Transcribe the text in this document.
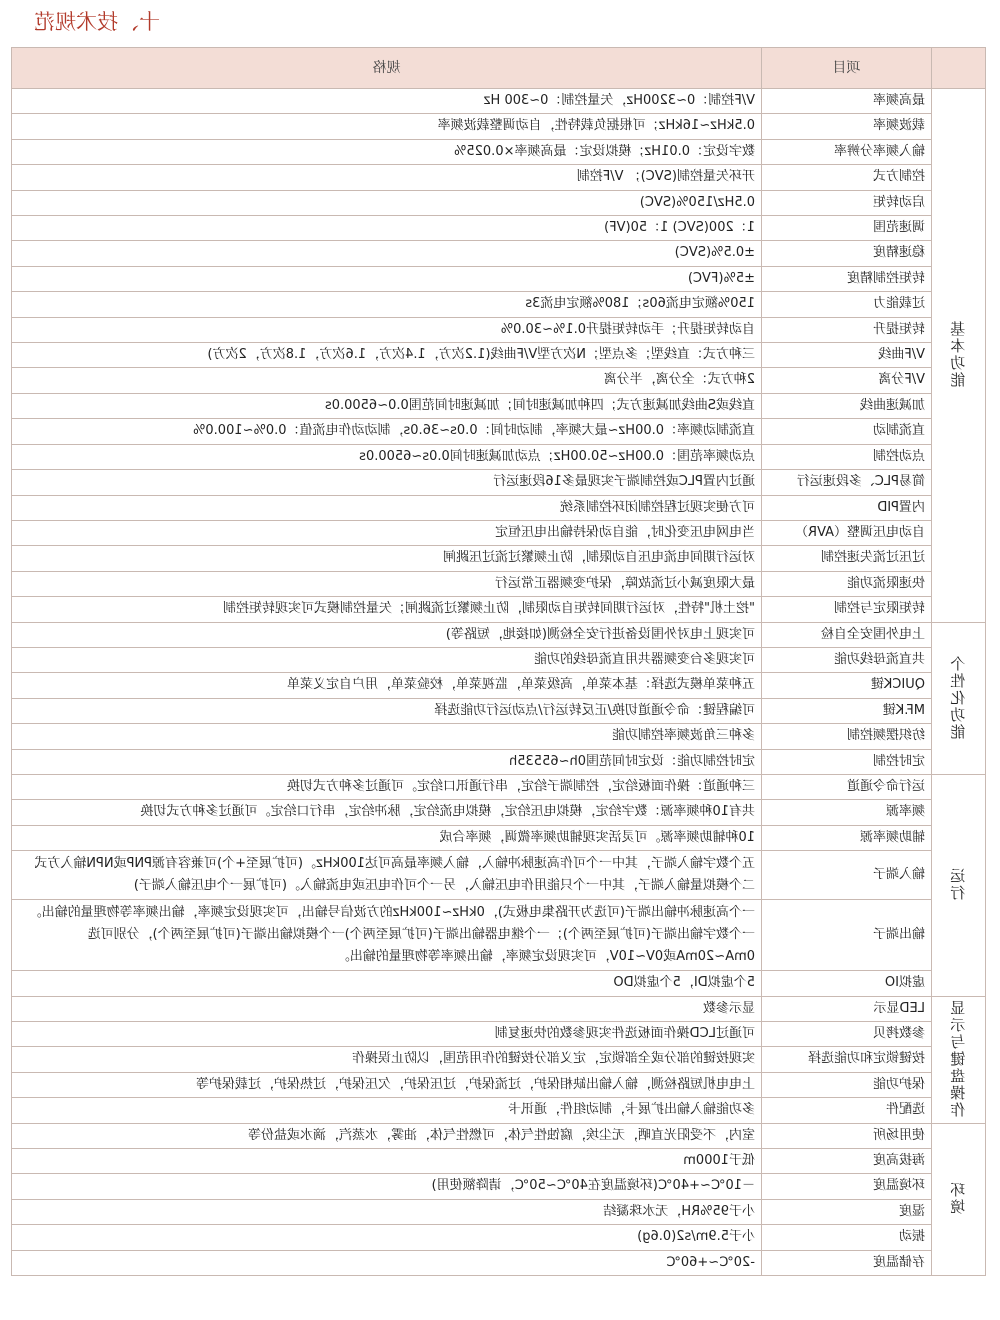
十、技术规范
	项目	规格
基本功能	最高频率	V/F控制：0~3200Hz，矢量控制：0~300 Hz
	载波频率	0.5kHz~16kHz；可根据负载特性，自动调整载波频率
	输入频率分辨率	数字设定：0.01Hz；模拟设定：最高频率×0.025%
	控制方式	开环矢量控制(SVC)； V/F控制
	启动转矩	0.5Hz/150%(SVC)
	调速范围	1：200(SVC) 1：50(VF)
	稳速精度	±0.5%(SVC)
	转矩控制精度	±5%(FVC)
	过载能力	150%额定电流60s；180%额定电流3s
	转矩提升	自动转矩提升；手动转矩提升0.1%~30.0%
	V/F曲线	三种方式：直线型；多点型；N次方型V/F曲线(1.2次方，1.4次方，1.6次方，1.8次方，2次方)
	V/F分离	2种方式：全分离，半分离
	加减速曲线	直线或S曲线加减速方式；四种加减速时间；加减速时间范围0.0~6500.0s
	直流制动	直流制动频率：0.00Hz~最大频率，制动时间：0.0s~36.0s，制动动作电流值：0.0%~100.0%
	点动控制	点动频率范围：0.00Hz~50.00Hz；点动加减速时间0.0s~6500.0s
	简易PLC、多段速运行	通过内置PLC或控制端子实现最多16段速运行
	内置PID	可方便实现过程控制闭环控制系统
	自动电压调整（AVR）	当电网电压变化时，能自动保持输出电压恒定
	过压过流失速控制	对运行期间电流电压自动限制，防止频繁过流过压跳闸
	快速限流功能	最大限度减小过流故障，保护变频器正常运行
	转矩限定与控制	"挖土机"特性，对运行期间转矩自动限制，防止频繁过流跳闸；矢量控制模式可实现转矩控制
个性化功能	上电外围安全自检	可实现上电对外围设备进行安全检测(如接地，短路等)
	共直流母线功能	可实现多台变频器共用直流母线的功能
	QUICK键	五种菜单模式选择：基本菜单，高级菜单，监视菜单，校验菜单，用户自定义菜单
	MF.K键	可编程键：命令通道切换/正反转运行/点动运行功能选择
	纺织摆频控制	多种三角波频率控制功能
	定时控制	定时控制功能：设定时间范围0h~65535h
运行	运行命令通道	三种通道：操作面板给定，控制端子给定，串行通讯口给定。可通过多种方式切换
	频率源	共有10种频率源：数字给定，模拟电压给定，模拟电流给定，脉冲给定，串行口给定。可通过多种方式切换
	辅助频率源	10种辅助频率源。可灵活实现辅助频率微调，频率合成
	输入端子	五个数字输入端子，其中一个可作高速脉冲输入，输入频率最高可达100kHz。(可扩展至+个)可兼容有源PNP或NPN输入方式 二个模拟量输入端子，其中一个只能用作电压输入，另一个可作电压或电流输入。(可扩展一个电压输入端子)
	输出端子	一个高速脉冲输出端子(可选为开路集电极式)，0kHz~100kHz的方波信号输出，可实现设定频率，输出频率等物理量的输出。一个数字输出端子(可扩展至两个)；一个继电器输出端子(可扩展至两个)一个模拟输出端子(可扩展至两个)，分别可选0mA~20mA或0V~10V，可实现设定频率，输出频率等物理量的输出。
	虚拟IO	5个虚拟DI，5个虚拟DO
显示与键盘操作	LED显示	显示参数
	参数拷贝	可通过LCD操作面板选件实现参数的快速复制
	按键锁定和功能选择	实现按键的部分或全部锁定，定义部分按键的作用范围，以防止误操作
	保护功能	上电电机短路检测，输入输出缺相保护，过流保护，过压保护，欠压保护，过热保护，过载保护等
	选配件	多功能输入输出扩展卡，制动组件，通讯卡
环境	使用场所	室内，不受阳光直晒，无尘埃，腐蚀性气体，可燃性气体，油雾，水蒸汽，滴水或盐份等
	海拔高度	低于1000m
	环境温度	－10℃~+40℃(环境温度在40℃~50℃，请降额使用)
	湿度	小于95%RH，无水珠凝结
	振动	小于5.9m/s2(0.6g)
	存储温度	-20℃~+60℃
